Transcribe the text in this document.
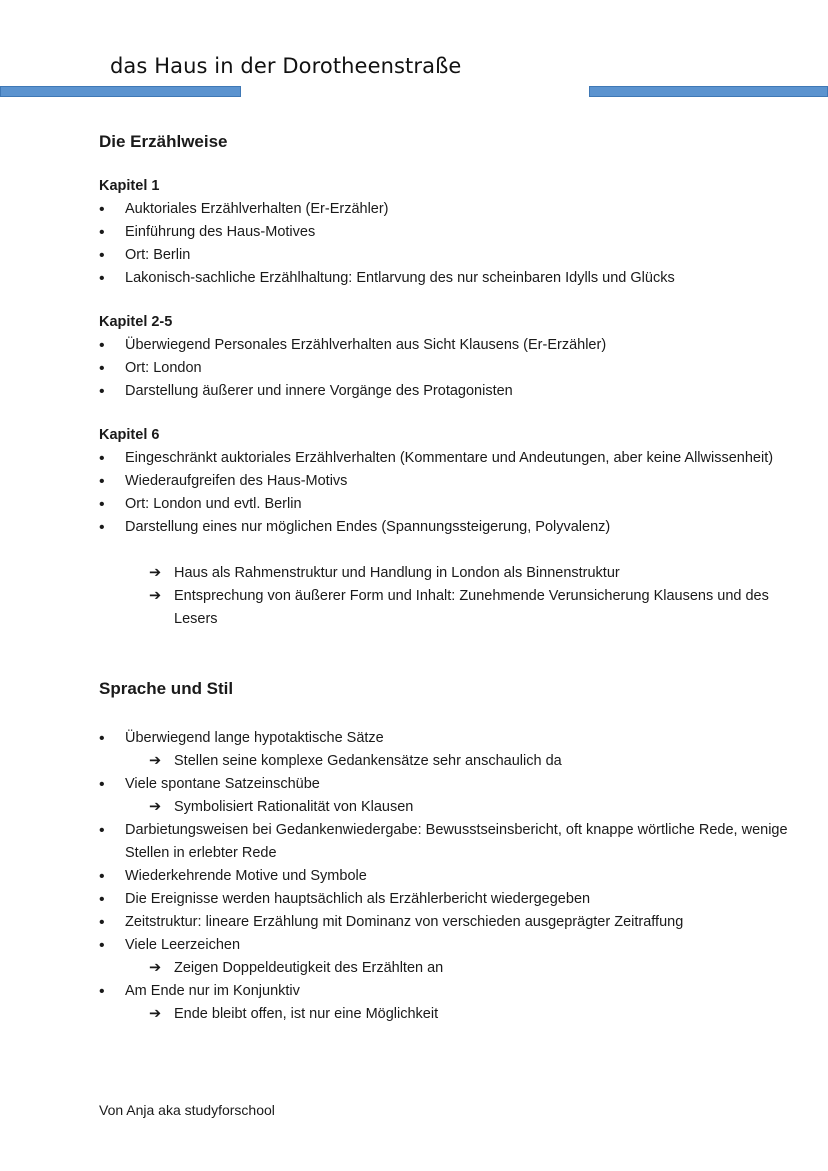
das Haus in der Dorotheenstraße
Die Erzählweise
Kapitel 1
• Auktoriales Erzählverhalten (Er-Erzähler)
• Einführung des Haus-Motives
• Ort: Berlin
• Lakonisch-sachliche Erzählhaltung: Entlarvung des nur scheinbaren Idylls und Glücks
Kapitel 2-5
• Überwiegend Personales Erzählverhalten aus Sicht Klausens (Er-Erzähler)
• Ort: London
• Darstellung äußerer und innere Vorgänge des Protagonisten
Kapitel 6
• Eingeschränkt auktoriales Erzählverhalten (Kommentare und Andeutungen, aber keine Allwissenheit)
• Wiederaufgreifen des Haus-Motivs
• Ort: London und evtl. Berlin
• Darstellung eines nur möglichen Endes (Spannungssteigerung, Polyvalenz)
➔ Haus als Rahmenstruktur und Handlung in London als Binnenstruktur
➔ Entsprechung von äußerer Form und Inhalt: Zunehmende Verunsicherung Klausens und des Lesers
Sprache und Stil
• Überwiegend lange hypotaktische Sätze
➔ Stellen seine komplexe Gedankensätze sehr anschaulich da
• Viele spontane Satzeinschübe
➔ Symbolisiert Rationalität von Klausen
• Darbietungsweisen bei Gedankenwiedergabe: Bewusstseinsbericht, oft knappe wörtliche Rede, wenige Stellen in erlebter Rede
• Wiederkehrende Motive und Symbole
• Die Ereignisse werden hauptsächlich als Erzählerbericht wiedergegeben
• Zeitstruktur: lineare Erzählung mit Dominanz von verschieden ausgeprägter Zeitraffung
• Viele Leerzeichen
➔ Zeigen Doppeldeutigkeit des Erzählten an
• Am Ende nur im Konjunktiv
➔ Ende bleibt offen, ist nur eine Möglichkeit
Von Anja aka studyforschool
